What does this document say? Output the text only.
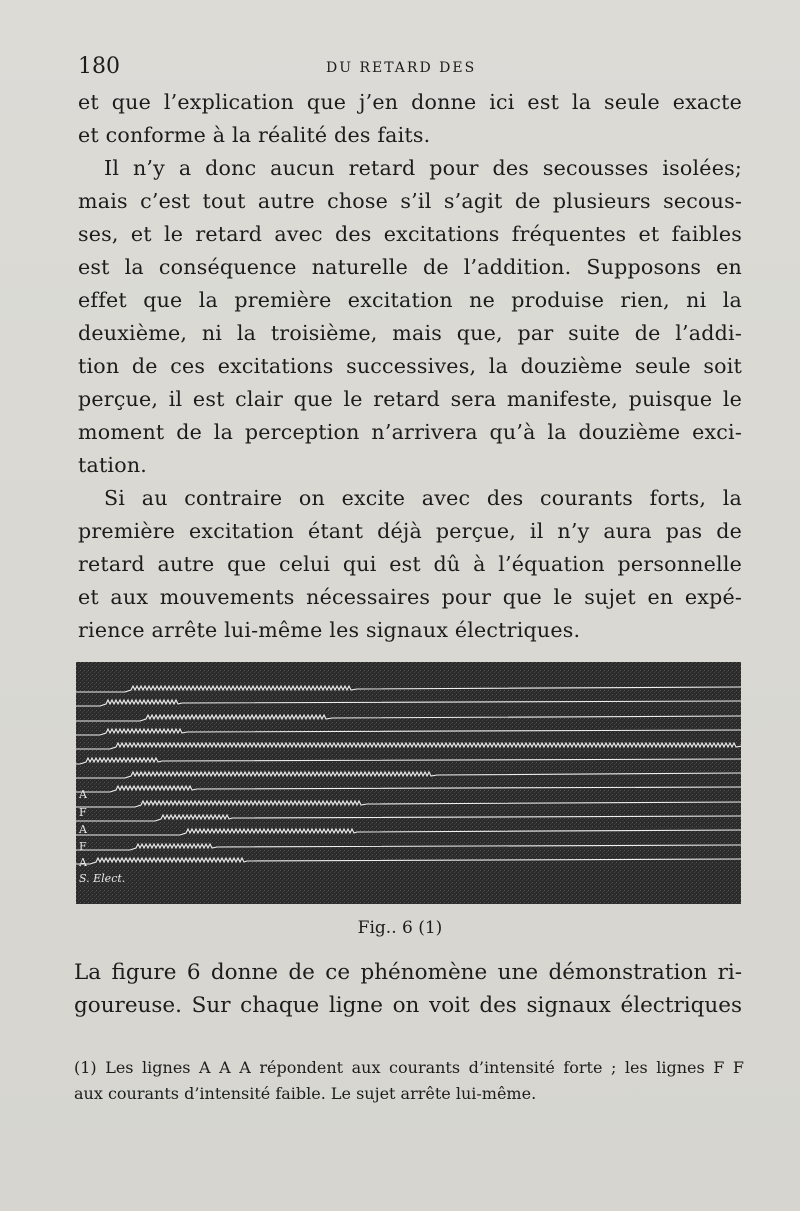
180	DU RETARD DES
et que l’explication que j’en donne ici est la seule exacte
et conforme à la réalité des faits.
Il n’y a donc aucun retard pour des secousses isolées;
mais c’est tout autre chose s’il s’agit de plusieurs secous-
ses, et le retard avec des excitations fréquentes et faibles
est la conséquence naturelle de l’addition. Supposons en
effet que la première excitation ne produise rien, ni la
deuxième, ni la troisième, mais que, par suite de l’addi-
tion de ces excitations successives, la douzième seule soit
perçue, il est clair que le retard sera manifeste, puisque le
moment de la perception n’arrivera qu’à la douzième exci-
tation.
Si au contraire on excite avec des courants forts, la
première excitation étant déjà perçue, il n’y aura pas de
retard autre que celui qui est dû à l’équation personnelle
et aux mouvements nécessaires pour que le sujet en expé-
rience arrête lui-même les signaux électriques.
A
F
A
F
A
S. Elect.
Fig.. 6 (1)
La figure 6 donne de ce phénomène une démonstration ri-
goureuse. Sur chaque ligne on voit des signaux électriques
(1) Les lignes A A A répondent aux courants d’intensité forte ; les lignes F F
aux courants d’intensité faible. Le sujet arrête lui-même.
